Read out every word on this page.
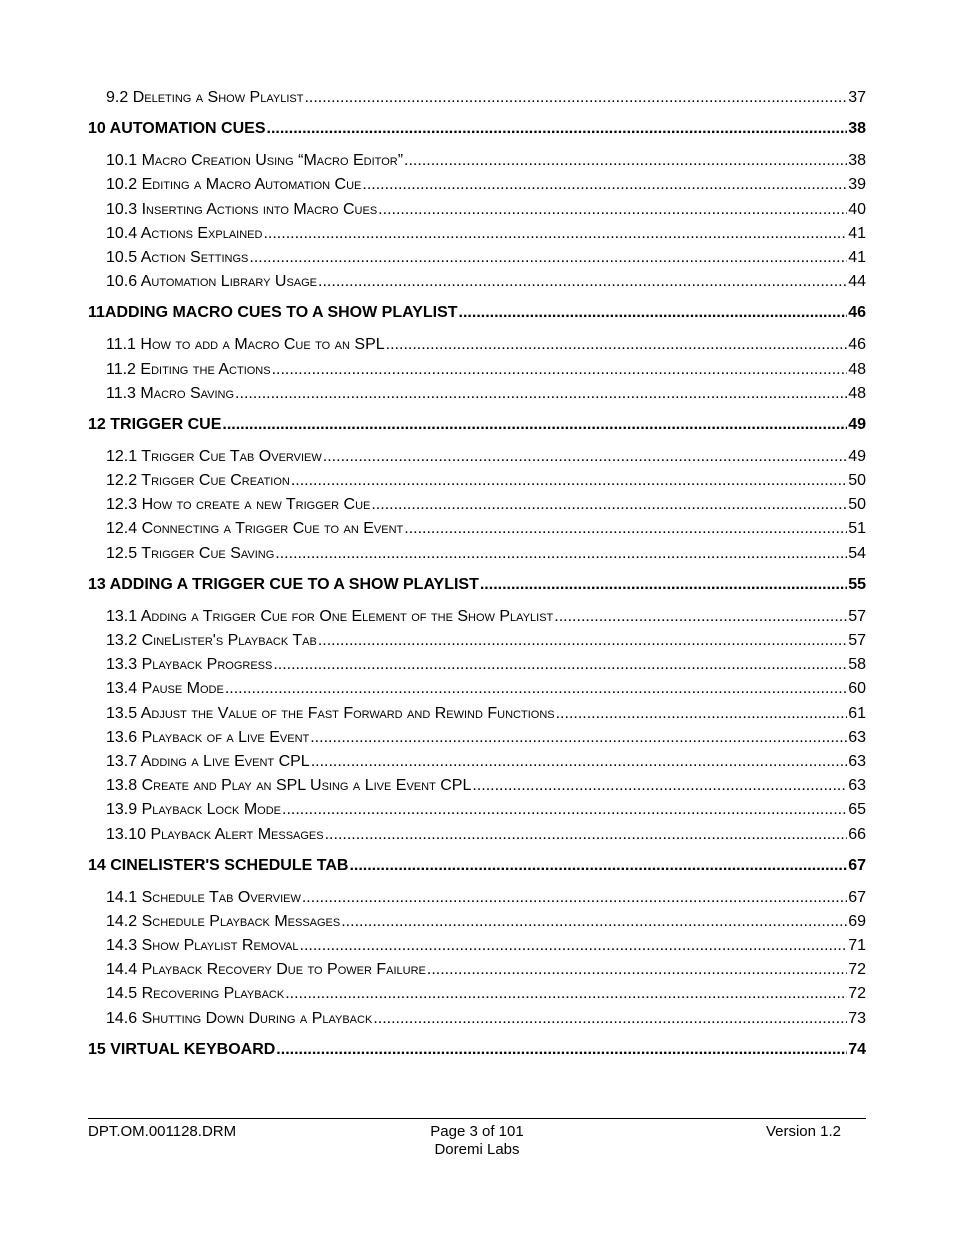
9.2 Deleting a Show Playlist .....	37
10 AUTOMATION CUES .....	38
10.1 Macro Creation Using “Macro Editor” .....	38
10.2 Editing a Macro Automation Cue .....	39
10.3 Inserting Actions into Macro Cues .....	40
10.4 Actions Explained .....	41
10.5 Action Settings .....	41
10.6 Automation Library Usage .....	44
11ADDING MACRO CUES TO A SHOW PLAYLIST .....	46
11.1 How to add a Macro Cue to an SPL .....	46
11.2 Editing the Actions .....	48
11.3 Macro Saving .....	48
12 TRIGGER CUE .....	49
12.1 Trigger Cue Tab Overview .....	49
12.2 Trigger Cue Creation .....	50
12.3 How to create a new Trigger Cue .....	50
12.4 Connecting a Trigger Cue to an Event .....	51
12.5 Trigger Cue Saving .....	54
13 ADDING A TRIGGER CUE TO A SHOW PLAYLIST .....	55
13.1 Adding a Trigger Cue for One Element of the Show Playlist .....	57
13.2 CineLister's Playback Tab .....	57
13.3 Playback Progress .....	58
13.4 Pause Mode .....	60
13.5 Adjust the Value of the Fast Forward and Rewind Functions .....	61
13.6 Playback of a Live Event .....	63
13.7 Adding a Live Event CPL .....	63
13.8 Create and Play an SPL Using a Live Event CPL .....	63
13.9 Playback Lock Mode .....	65
13.10 Playback Alert Messages .....	66
14 CINELISTER'S SCHEDULE TAB .....	67
14.1 Schedule Tab Overview .....	67
14.2 Schedule Playback Messages .....	69
14.3 Show Playlist Removal .....	71
14.4 Playback Recovery Due to Power Failure .....	72
14.5 Recovering Playback .....	72
14.6 Shutting Down During a Playback .....	73
15 VIRTUAL KEYBOARD .....	74
DPT.OM.001128.DRM	Page 3 of 101
Doremi Labs
Version 1.2
